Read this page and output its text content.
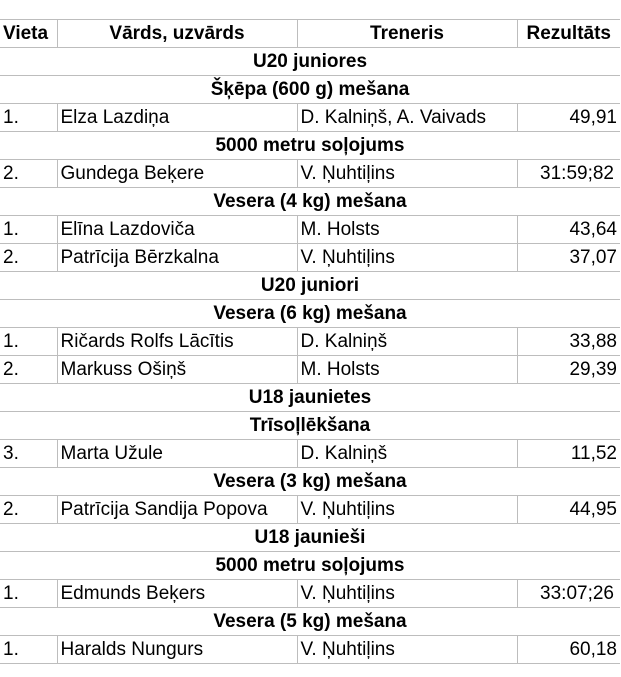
Vieta	Vārds, uzvārds	Treneris	Rezultāts
U20 juniores			
Šķēpa (600 g) mešana			
1.	Elza Lazdiņa	D. Kalniņš, A. Vaivads	49,91
5000 metru soļojums			
2.	Gundega Beķere	V. Ņuhtiļins	31:59;82
Vesera (4 kg) mešana			
1.	Elīna Lazdoviča	M. Holsts	43,64
2.	Patrīcija Bērzkalna	V. Ņuhtiļins	37,07
U20 juniori			
Vesera (6 kg) mešana			
1.	Ričards Rolfs Lācītis	D. Kalniņš	33,88
2.	Markuss Ošiņš	M. Holsts	29,39
U18 jaunietes			
Trīsoļlēkšana			
3.	Marta Užule	D. Kalniņš	11,52
Vesera (3 kg) mešana			
2.	Patrīcija Sandija Popova	V. Ņuhtiļins	44,95
U18 jaunieši			
5000 metru soļojums			
1.	Edmunds Beķers	V. Ņuhtiļins	33:07;26
Vesera (5 kg) mešana			
1.	Haralds Nungurs	V. Ņuhtiļins	60,18
